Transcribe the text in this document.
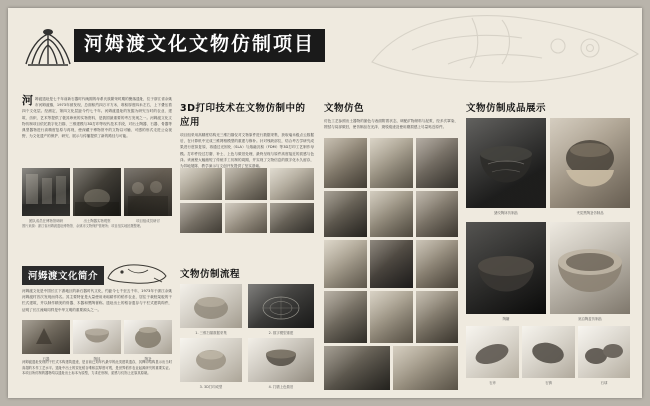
河姆渡文化文物仿制项目
河 姆渡遗址是七千年前新石器时代晚期的母系氏族繁荣时期的聚落遗址，位于浙江省余姚市河姆渡镇，1973年被发现，总面积约四万平方米，堆积厚度四米左右，上下叠压着四个文化层。经测定，第四文化层距今约七千年。河姆渡遗址的发掘为研究当时的农业、建筑、纺织、艺术等提供了极其珍贵的实物资料，是我国最重要的考古发现之一。河姆渡文化文物仿制项目依托数字化扫描、三维建模与3D打印等现代技术手段，对出土陶器、石器、骨器等典型器物进行高精度复原与再现，使深藏于博物馆中的文物以可触、可感的形式走进公众视野，为文化遗产的保护、研究、展示与传播提供了新的路径与可能。
团队成员在博物馆调研	出土陶器实物观察	项目组成员研讨
图片来源：浙江省河姆渡遗址博物馆、余姚市文物保护管理所；项目组实地拍摄整理。
河姆渡文化简介
河姆渡文化是中国长江下游地区的新石器时代文化，约距今七千至五千年，1973年于浙江余姚河姆渡村首次发现而得名。其主要特征是大量使用耒耜耕作的稻作农业，居住于栽桩架板的干栏式建筑，并以制作精美的骨器、木器和黑陶著称。遗址出土的稻谷遗存与干栏式建筑构件，证明了长江流域同样是中华文明的重要源头之一。
石器	陶钵	陶釜
河姆渡遗址发现的干栏式木构建筑遗迹，是目前已知年代最早的此类建筑遗存，其榫卯结构显示出当时高超的木作工艺水平。遗址中出土的炭化稻谷堆积层厚度可观，是世界稻作农业起源研究的重要实证。本项目所仿制的器物均以遗址出土标本为原型，力求在形制、质感与纹饰上还原其原貌。
3D打印技术在文物仿制中的应用
项目组采用高精度结构光三维扫描仪对文物原件进行数据采集，获取毫米级点云数据后，在计算机中完成三维网格模型的重建与修补。针对残缺部位，结合考古学研究成果进行虚拟复原，再通过光固化（SLA）与熔融沉积（FDM）等3D打印工艺制作母模。打印件经过打磨、补土、上色与做旧处理，最终呈现与原件高度接近的质感与色泽。该流程大幅缩短了传统手工仿制的周期，并实现了文物信息的数字化永久留存，为异地展陈、教学演示与文创开发提供了坚实基础。
文物仿制流程
1. 三维扫描数据采集	2. 数字模型重建
3. 3D打印成型	4. 打磨上色做旧
文物仿色
仿色工艺参照出土器物的胎色与表面附着状态，调配矿物颜料与泥浆，经多次罩染、擦拭与局部做旧，使仿制品在光泽、斑驳痕迹及使用磨损感上尽量贴近原件。
文物仿制成品展示
猪纹陶钵仿制品	夹炭黑陶釜仿制品
陶罐	宽沿陶盆仿制品
石斧	石锛	石球
